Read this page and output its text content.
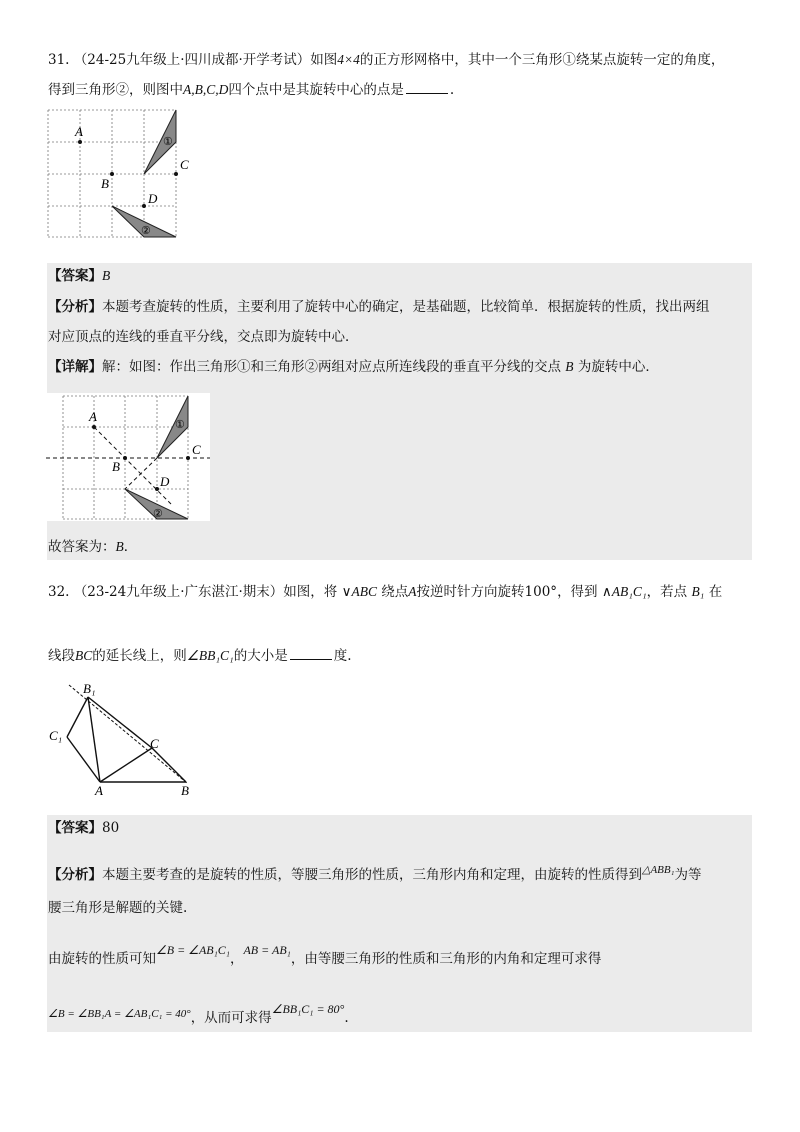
31. （24-25九年级上·四川成都·开学考试）如图4×4的正方形网格中，其中一个三角形①绕某点旋转一定的角度，
得到三角形②，则图中A,B,C,D四个点中是其旋转中心的点是	.
A
B
C
D
①
②
【答案】B
【分析】本题考查旋转的性质，主要利用了旋转中心的确定，是基础题，比较简单．根据旋转的性质，找出两组
对应顶点的连线的垂直平分线，交点即为旋转中心．
【详解】解：如图：作出三角形①和三角形②两组对应点所连线段的垂直平分线的交点 B 为旋转中心．
A
B
C
D
①
②
故答案为：B．
32. （23-24九年级上·广东湛江·期末）如图，将 ∨ABC 绕点A按逆时针方向旋转100°，得到 ∧AB₁C₁，若点 B₁ 在
线段BC的延长线上，则∠BB₁C₁的大小是	度.
B₁
C₁
C
A	B
【答案】80
【分析】本题主要考查的是旋转的性质，等腰三角形的性质，三角形内角和定理，由旋转的性质得到$^{\triangle ABB_1}$为等
腰三角形是解题的关键.
由旋转的性质可知∠B = ∠AB₁C₁，AB = AB₁，由等腰三角形的性质和三角形的内角和定理可求得
$^{\angle B = \angle BB_1A = \angle AB_1C_1 = 40^\circ}$，从而可求得∠BB₁C₁ = 80°.
